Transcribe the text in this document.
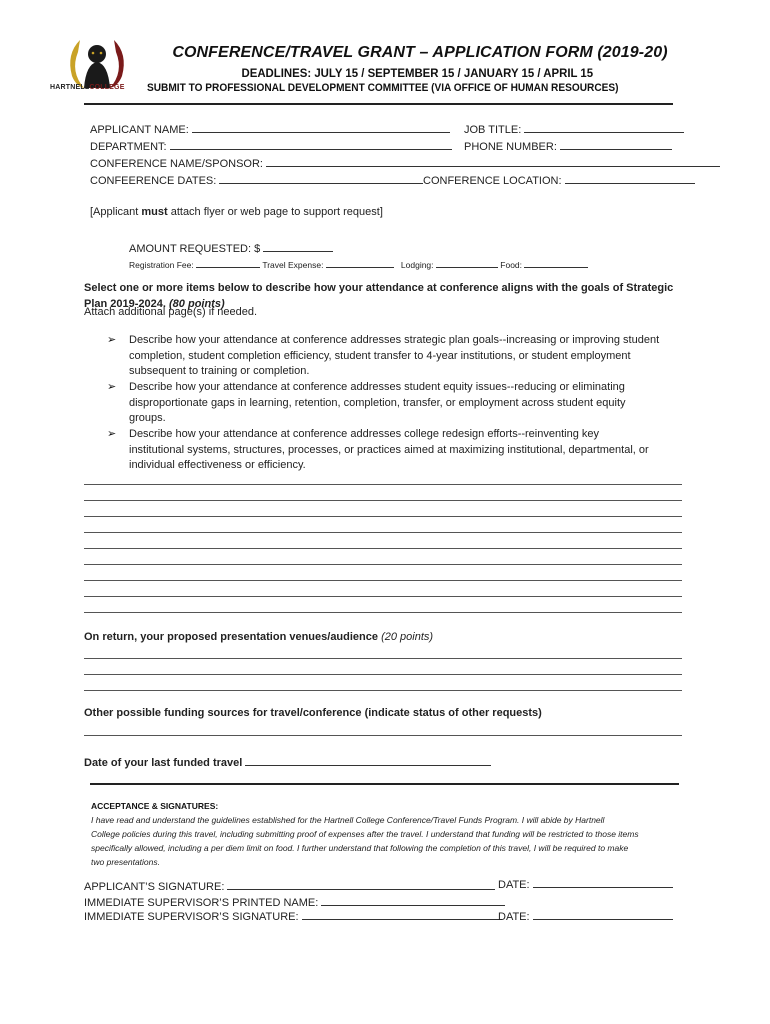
HARTNELLCOLLEGE
CONFERENCE/TRAVEL GRANT – APPLICATION FORM (2019-20)
DEADLINES: JULY 15 / SEPTEMBER 15 / JANUARY 15 / APRIL 15
SUBMIT TO PROFESSIONAL DEVELOPMENT COMMITTEE (VIA OFFICE OF HUMAN RESOURCES)
APPLICANT NAME:	JOB TITLE:
DEPARTMENT:	PHONE NUMBER:
CONFERENCE NAME/SPONSOR:
CONFEERENCE DATES:	CONFERENCE LOCATION:
[Applicant must attach flyer or web page to support request]
AMOUNT REQUESTED: $
Registration Fee:	Travel Expense:	Lodging:	Food:
Select one or more items below to describe how your attendance at conference aligns with the goals of Strategic
Plan 2019-2024. (80 points)
Attach additional page(s) if needed.
➢ Describe how your attendance at conference addresses strategic plan goals--increasing or improving student
completion, student completion efficiency, student transfer to 4-year institutions, or student employment
subsequent to training or completion.
➢ Describe how your attendance at conference addresses student equity issues--reducing or eliminating
disproportionate gaps in learning, retention, completion, transfer, or employment across student equity
groups.
➢ Describe how your attendance at conference addresses college redesign efforts--reinventing key
institutional systems, structures, processes, or practices aimed at maximizing institutional, departmental, or
individual effectiveness or efficiency.
On return, your proposed presentation venues/audience (20 points)
Other possible funding sources for travel/conference (indicate status of other requests)
Date of your last funded travel
ACCEPTANCE & SIGNATURES:
I have read and understand the guidelines established for the Hartnell College Conference/Travel Funds Program. I will abide by Hartnell
College policies during this travel, including submitting proof of expenses after the travel. I understand that funding will be restricted to those items
specifically allowed, including a per diem limit on food. I further understand that following the completion of this travel, I will be required to make
two presentations.
APPLICANT’S SIGNATURE:	DATE:
IMMEDIATE SUPERVISOR’S PRINTED NAME:
IMMEDIATE SUPERVISOR’S SIGNATURE:	DATE:
